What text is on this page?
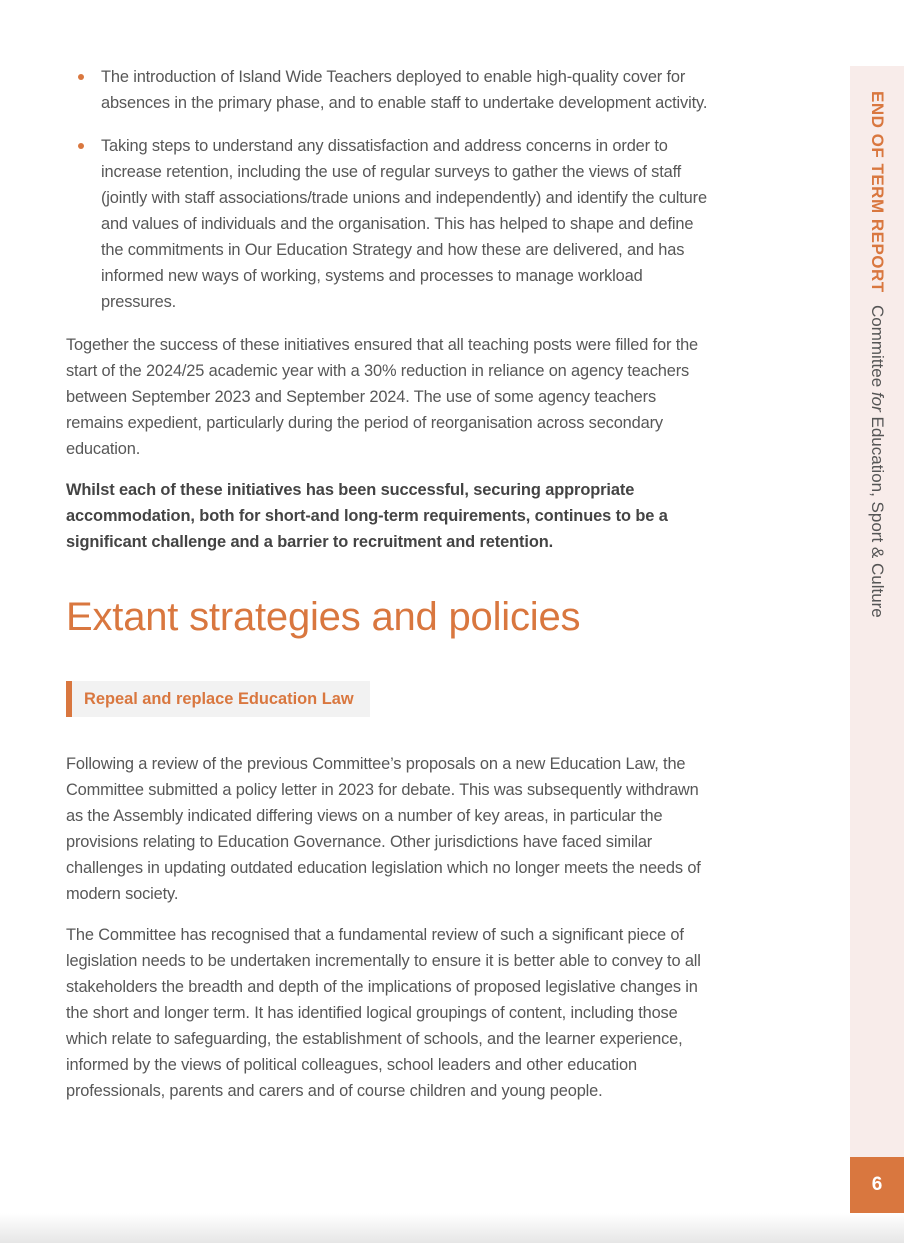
The introduction of Island Wide Teachers deployed to enable high-quality cover for absences in the primary phase, and to enable staff to undertake development activity.
Taking steps to understand any dissatisfaction and address concerns in order to increase retention, including the use of regular surveys to gather the views of staff (jointly with staff associations/trade unions and independently) and identify the culture and values of individuals and the organisation. This has helped to shape and define the commitments in Our Education Strategy and how these are delivered, and has informed new ways of working, systems and processes to manage workload pressures.

Together the success of these initiatives ensured that all teaching posts were filled for the start of the 2024/25 academic year with a 30% reduction in reliance on agency teachers between September 2023 and September 2024. The use of some agency teachers remains expedient, particularly during the period of reorganisation across secondary education.

Whilst each of these initiatives has been successful, securing appropriate accommodation, both for short-and long-term requirements, continues to be a significant challenge and a barrier to recruitment and retention.

Extant strategies and policies
Repeal and replace Education Law

Following a review of the previous Committee’s proposals on a new Education Law, the Committee submitted a policy letter in 2023 for debate. This was subsequently withdrawn as the Assembly indicated differing views on a number of key areas, in particular the provisions relating to Education Governance. Other jurisdictions have faced similar challenges in updating outdated education legislation which no longer meets the needs of modern society.

The Committee has recognised that a fundamental review of such a significant piece of legislation needs to be undertaken incrementally to ensure it is better able to convey to all stakeholders the breadth and depth of the implications of proposed legislative changes in the short and longer term. It has identified logical groupings of content, including those which relate to safeguarding, the establishment of schools, and the learner experience, informed by the views of political colleagues, school leaders and other education professionals, parents and carers and of course children and young people.

END OF TERM REPORT Committee for Education, Sport & Culture
6
